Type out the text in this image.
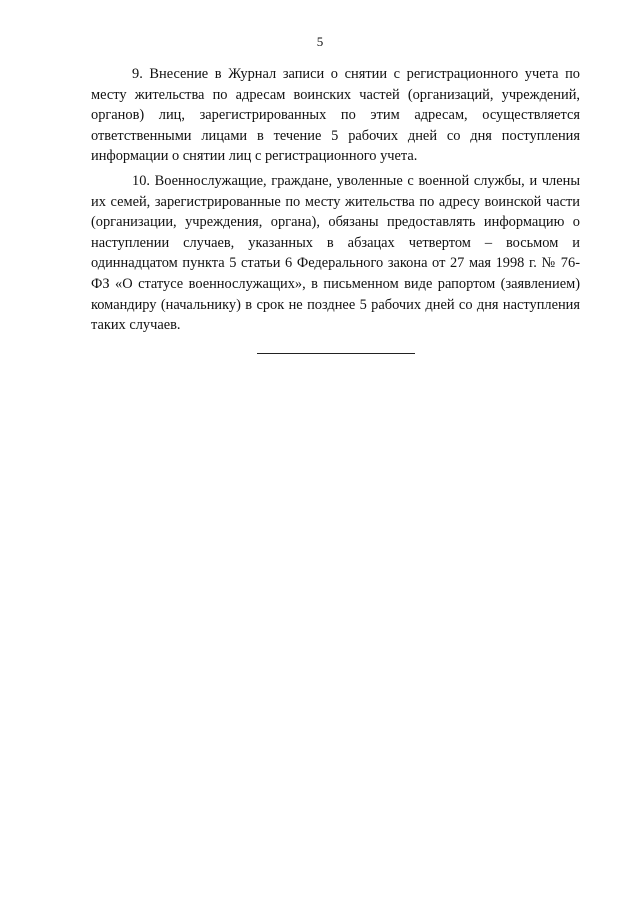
5

9. Внесение в Журнал записи о снятии с регистрационного учета по месту жительства по адресам воинских частей (организаций, учреждений, органов) лиц, зарегистрированных по этим адресам, осуществляется ответственными лицами в течение 5 рабочих дней со дня поступления информации о снятии лиц с регистрационного учета.

10. Военнослужащие, граждане, уволенные с военной службы, и члены их семей, зарегистрированные по месту жительства по адресу воинской части (организации, учреждения, органа), обязаны предоставлять информацию о наступлении случаев, указанных в абзацах четвертом – восьмом и одиннадцатом пункта 5 статьи 6 Федерального закона от 27 мая 1998 г. № 76-ФЗ «О статусе военнослужащих», в письменном виде рапортом (заявлением) командиру (начальнику) в срок не позднее 5 рабочих дней со дня наступления таких случаев.
